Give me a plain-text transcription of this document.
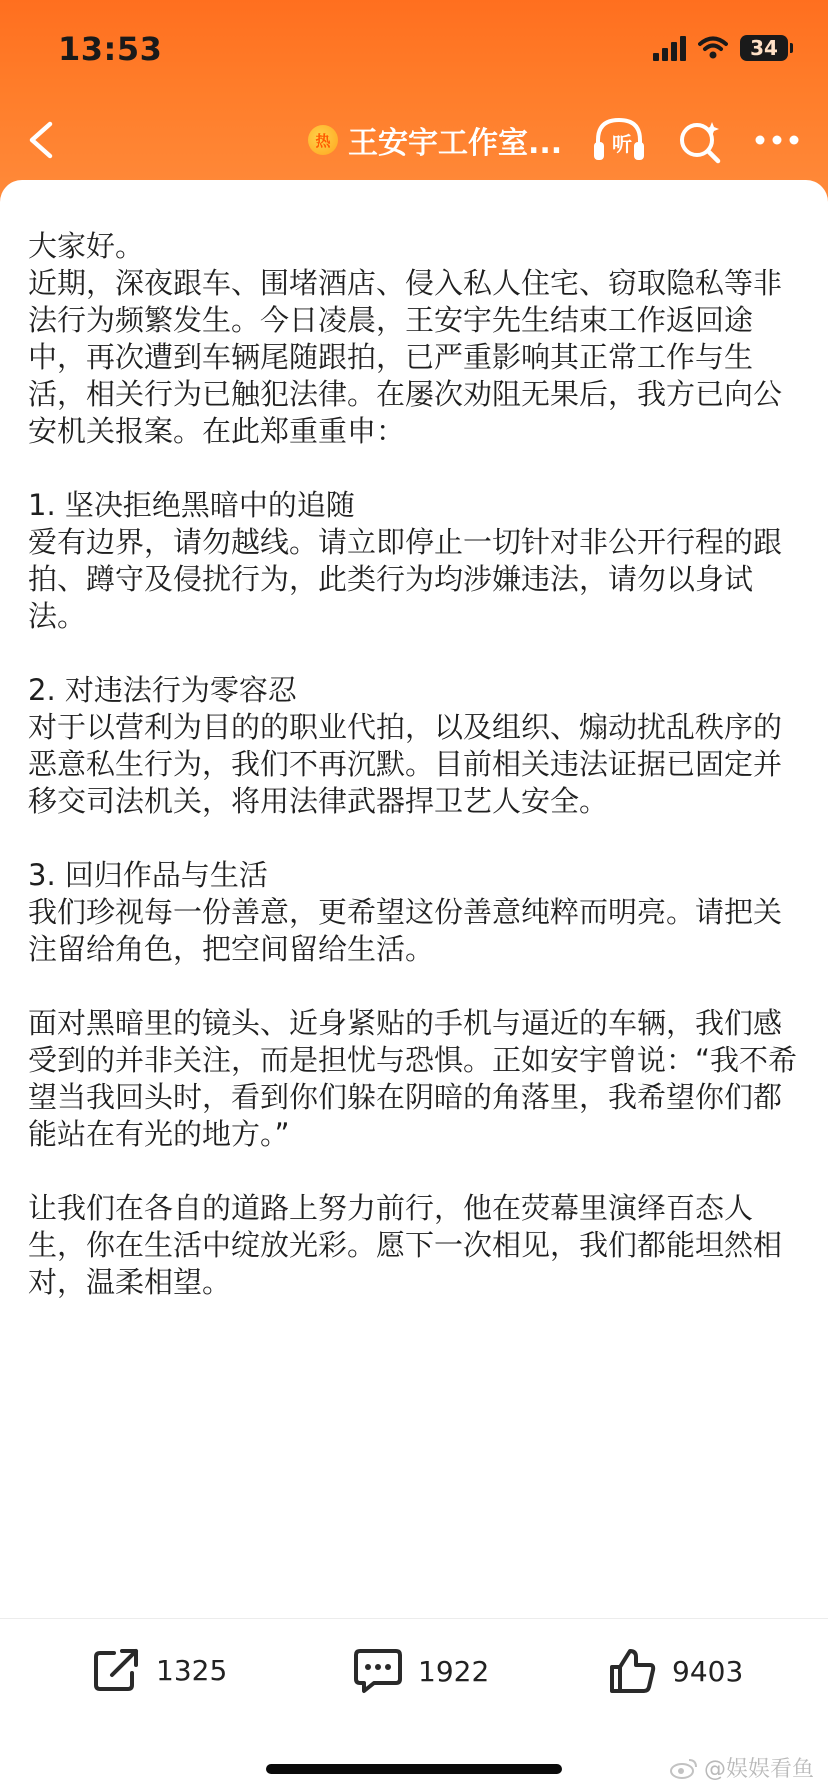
13:53	34
热 王安宇工作室... 听

大家好。
近期，深夜跟车、围堵酒店、侵入私人住宅、窃取隐私等非法行为频繁发生。今日凌晨，王安宇先生结束工作返回途中，再次遭到车辆尾随跟拍，已严重影响其正常工作与生活，相关行为已触犯法律。在屡次劝阻无果后，我方已向公安机关报案。在此郑重重申：

1. 坚决拒绝黑暗中的追随
爱有边界，请勿越线。请立即停止一切针对非公开行程的跟拍、蹲守及侵扰行为，此类行为均涉嫌违法，请勿以身试法。

2. 对违法行为零容忍
对于以营利为目的的职业代拍，以及组织、煽动扰乱秩序的恶意私生行为，我们不再沉默。目前相关违法证据已固定并移交司法机关，将用法律武器捍卫艺人安全。

3. 回归作品与生活
我们珍视每一份善意，更希望这份善意纯粹而明亮。请把关注留给角色，把空间留给生活。

面对黑暗里的镜头、近身紧贴的手机与逼近的车辆，我们感受到的并非关注，而是担忧与恐惧。正如安宇曾说：“我不希望当我回头时，看到你们躲在阴暗的角落里，我希望你们都能站在有光的地方。”

让我们在各自的道路上努力前行，他在荧幕里演绎百态人生，你在生活中绽放光彩。愿下一次相见，我们都能坦然相对，温柔相望。

1325	1922	9403
@娱娱看鱼
